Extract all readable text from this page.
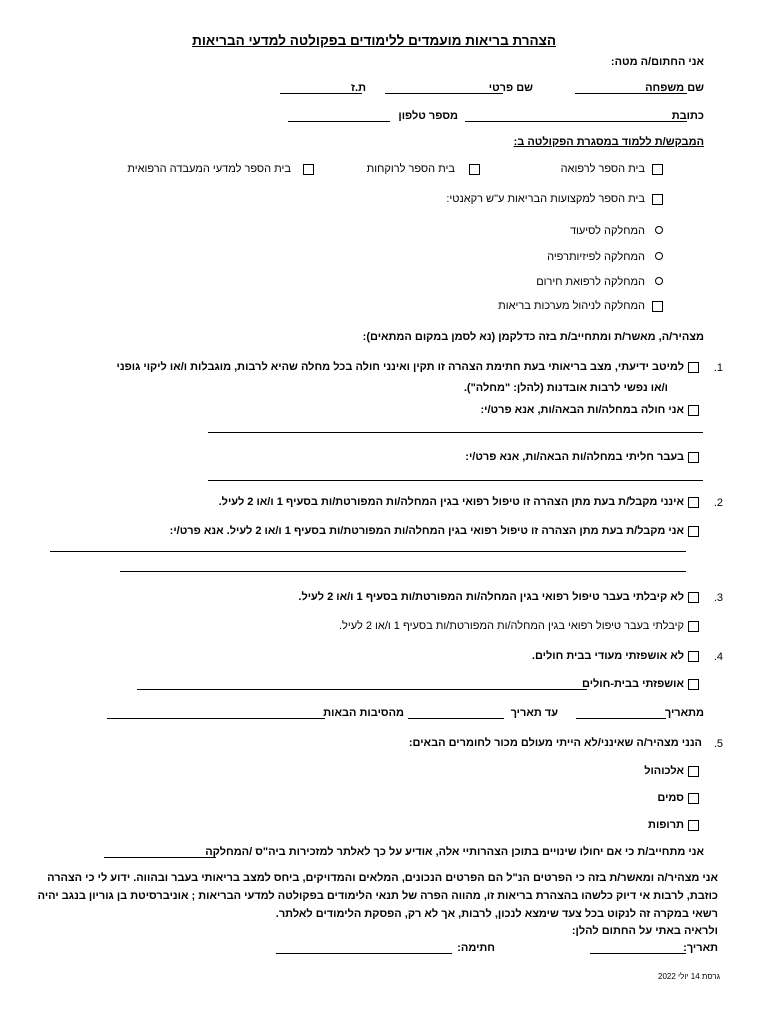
הצהרת בריאות מועמדים ללימודים בפקולטה למדעי הבריאות
אני החתום/ה מטה:
שם משפחה
שם פרטי
ת.ז
כתובת
מספר טלפון
המבקש/ת ללמוד במסגרת הפקולטה ב:
בית הספר לרפואה
בית הספר לרוקחות
בית הספר למדעי המעבדה הרפואית
בית הספר למקצועות הבריאות ע"ש רקאנטי:
המחלקה לסיעוד
המחלקה לפיזיותרפיה
המחלקה לרפואת חירום
המחלקה לניהול מערכות בריאות
מצהיר/ה, מאשר/ת ומתחייב/ת בזה כדלקמן (נא לסמן במקום המתאים):
1.
למיטב ידיעתי, מצב בריאותי בעת חתימת הצהרה זו תקין ואינני חולה בכל מחלה שהיא לרבות, מוגבלות ו/או ליקוי גופני
ו/או נפשי לרבות אובדנות (להלן: "מחלה").
אני חולה במחלה/ות הבאה/ות, אנא פרט/י:
בעבר חליתי במחלה/ות הבאה/ות, אנא פרט/י:
2.
אינני מקבל/ת בעת מתן הצהרה זו טיפול רפואי בגין המחלה/ות המפורטת/ות בסעיף 1 ו/או 2 לעיל.
אני מקבל/ת בעת מתן הצהרה זו טיפול רפואי בגין המחלה/ות המפורטת/ות בסעיף 1 ו/או 2 לעיל. אנא פרט/י:
3.
לא קיבלתי בעבר טיפול רפואי בגין המחלה/ות המפורטת/ות בסעיף 1 ו/או 2 לעיל.
קיבלתי בעבר טיפול רפואי בגין המחלה/ות המפורטת/ות בסעיף 1 ו/או 2 לעיל.
4.
לא אושפזתי מעודי בבית חולים.
אושפזתי בבית-חולים
מתאריך
עד תאריך
מהסיבות הבאות
5.
הנני מצהיר/ה שאינני/לא הייתי מעולם מכור לחומרים הבאים:
אלכוהול
סמים
תרופות
אני מתחייב/ת כי אם יחולו שינויים בתוכן הצהרותיי אלה, אודיע על כך לאלתר למזכירות ביה"ס /המחלקה
אני מצהיר/ה ומאשר/ת בזה כי הפרטים הנ"ל הם הפרטים הנכונים, המלאים והמדויקים, ביחס למצב בריאותי בעבר ובהווה. ידוע לי כי הצהרה
כוזבת, לרבות אי דיוק כלשהו בהצהרת בריאות זו, מהווה הפרה של תנאי הלימודים בפקולטה למדעי הבריאות ; אוניברסיטת בן גוריון בנגב יהיה
רשאי במקרה זה לנקוט בכל צעד שימצא לנכון, לרבות, אך לא רק, הפסקת הלימודים לאלתר.
ולראיה באתי על החתום להלן:
תאריך:
חתימה:
גרסת 14 יולי 2022
